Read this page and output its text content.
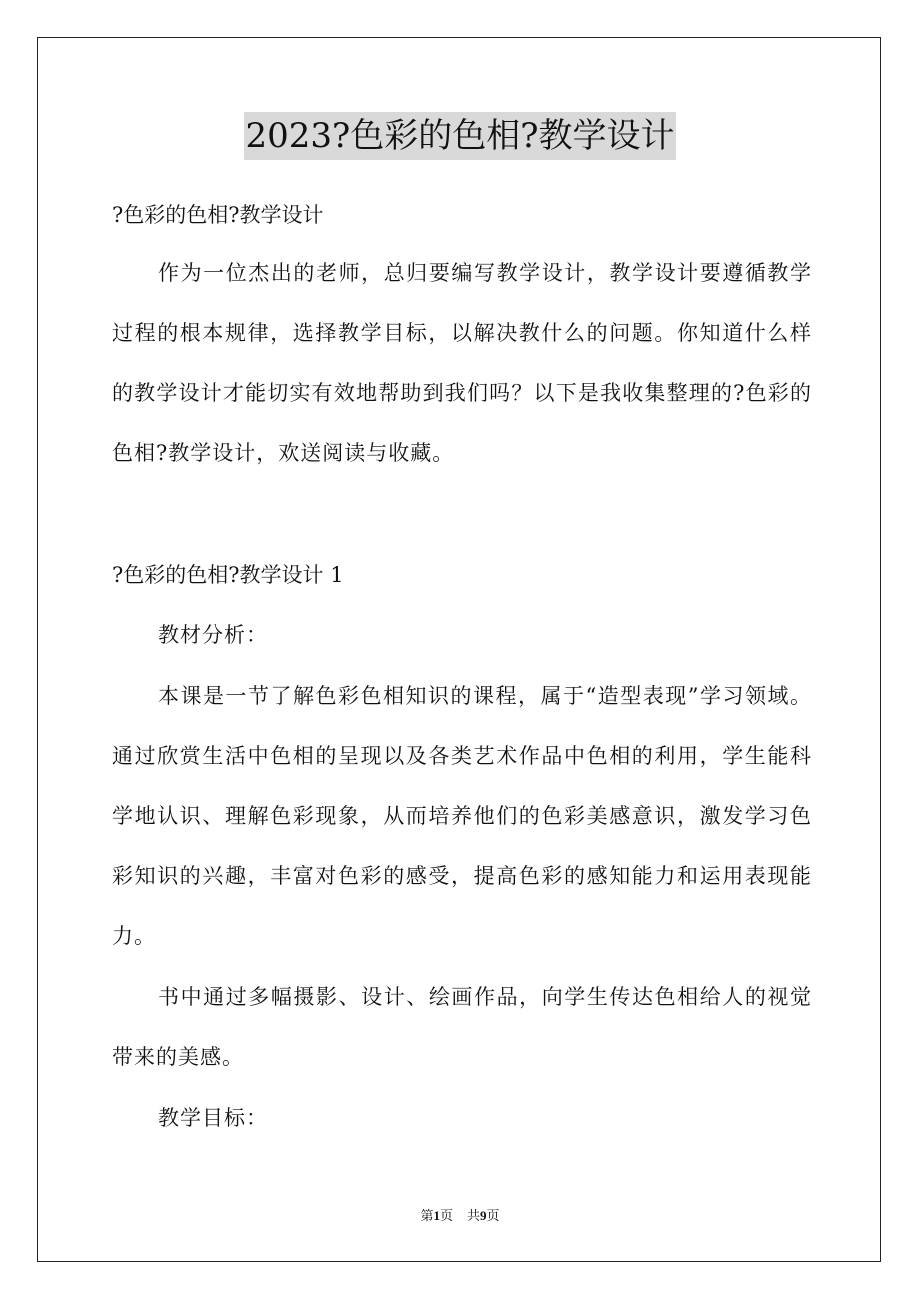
2023?色彩的色相?教学设计
?色彩的色相?教学设计
作为一位杰出的老师，总归要编写教学设计，教学设计要遵循教学过程的根本规律，选择教学目标，以解决教什么的问题。你知道什么样的教学设计才能切实有效地帮助到我们吗？以下是我收集整理的?色彩的色相?教学设计，欢送阅读与收藏。
?色彩的色相?教学设计 1
教材分析：
本课是一节了解色彩色相知识的课程，属于“造型表现”学习领域。通过欣赏生活中色相的呈现以及各类艺术作品中色相的利用，学生能科学地认识、理解色彩现象，从而培养他们的色彩美感意识，激发学习色彩知识的兴趣，丰富对色彩的感受，提高色彩的感知能力和运用表现能力。
书中通过多幅摄影、设计、绘画作品，向学生传达色相给人的视觉带来的美感。
教学目标：
第1页 共9页
